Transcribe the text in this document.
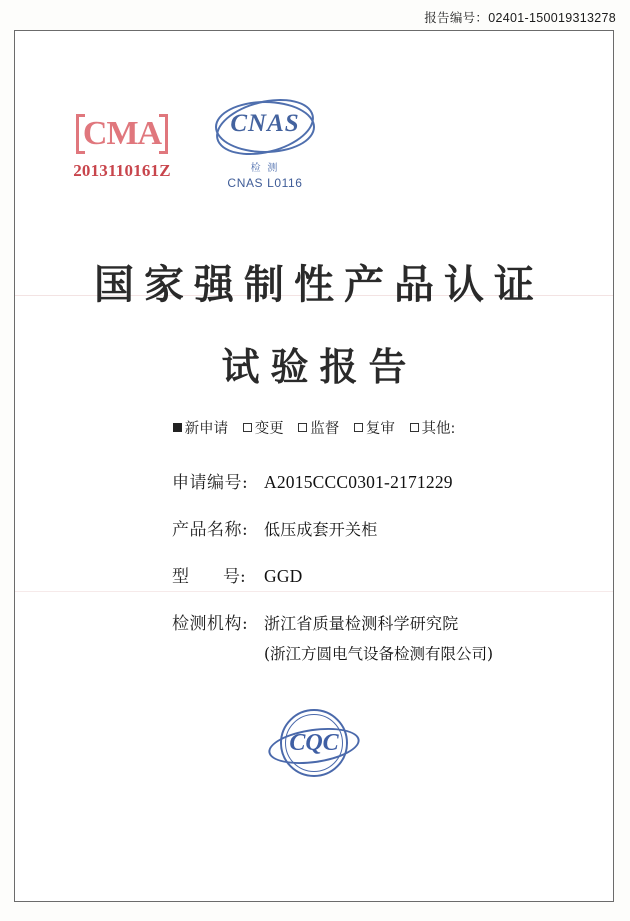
报告编号：02401-150019313278
CMA
2013110161Z
CNAS
检 测
CNAS L0116
国家强制性产品认证
试验报告
新申请 变更 监督 复审 其他:
申请编号: A2015CCC0301-2171229
产品名称: 低压成套开关柜
型　　号:	GGD
检测机构: 浙江省质量检测科学研究院
(浙江方圆电气设备检测有限公司)
CQC
